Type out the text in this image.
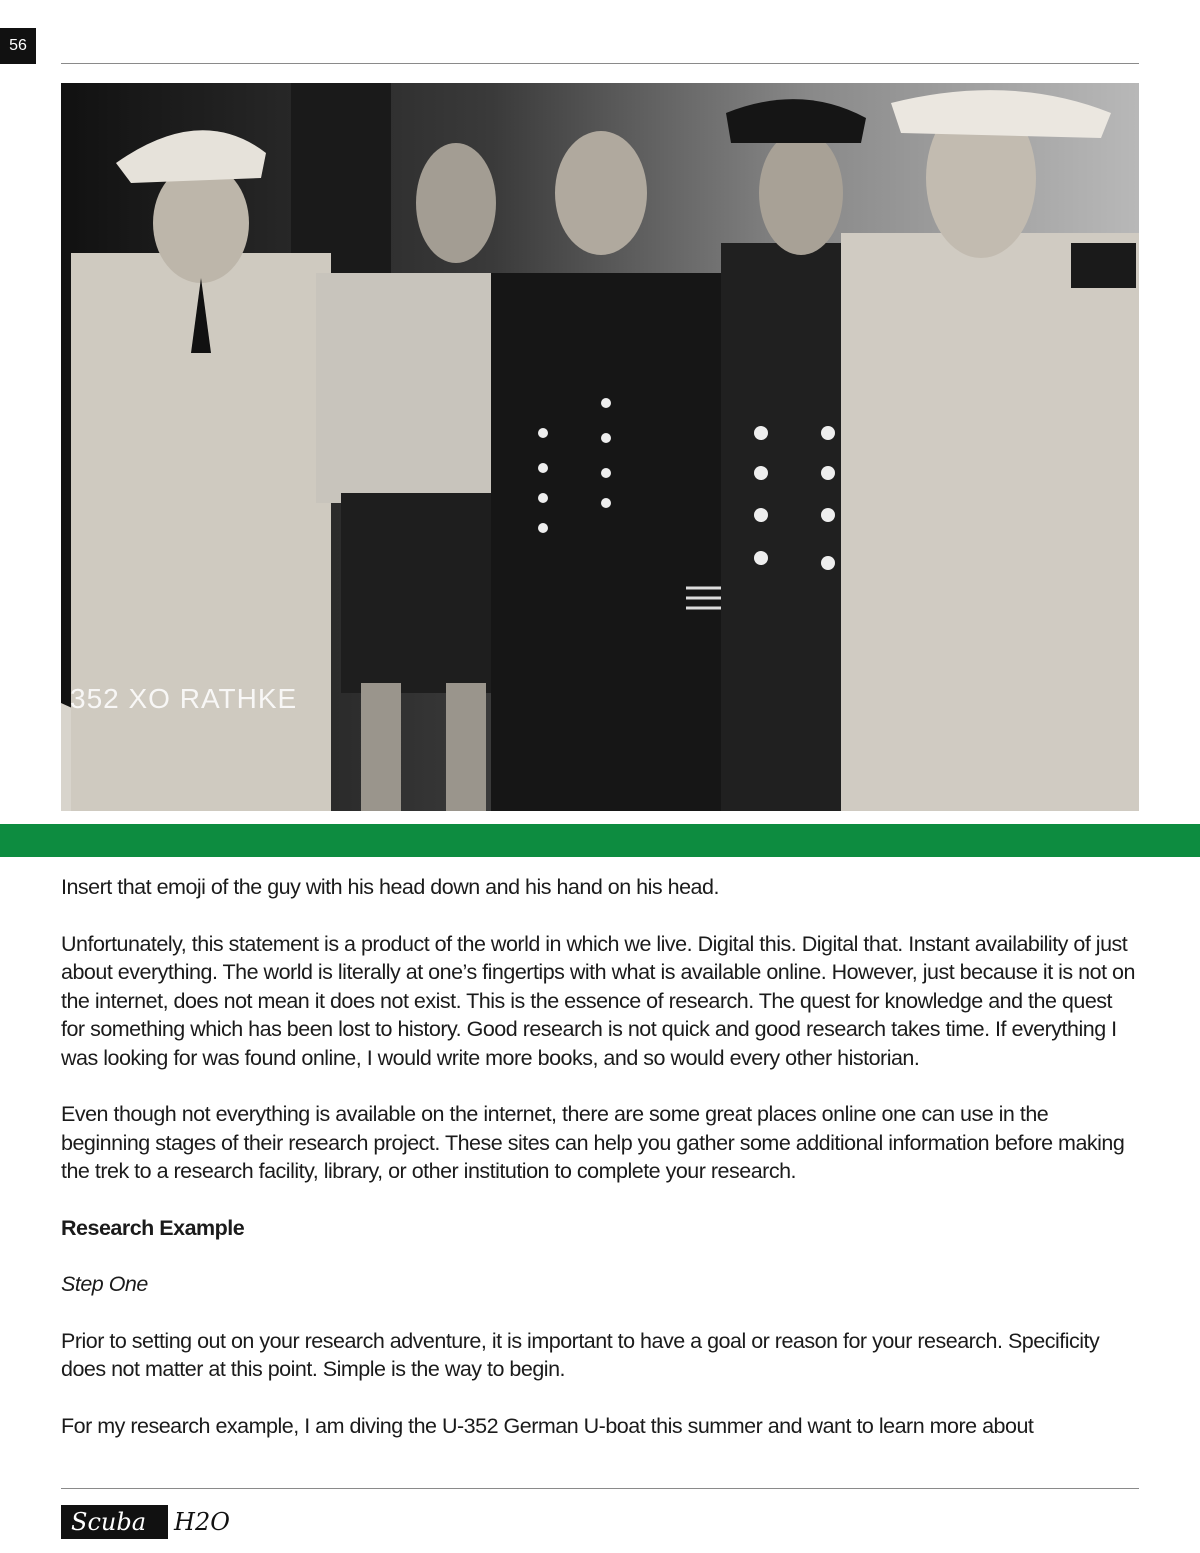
56
352 XO RATHKE

Insert that emoji of the guy with his head down and his hand on his head.

Unfortunately, this statement is a product of the world in which we live. Digital this. Digital that. Instant availability of just about everything. The world is literally at one’s fingertips with what is available online. However, just because it is not on the internet, does not mean it does not exist. This is the essence of research. The quest for knowledge and the quest for something which has been lost to history. Good research is not quick and good research takes time. If everything I was looking for was found online, I would write more books, and so would every other historian.

Even though not everything is available on the internet, there are some great places online one can use in the beginning stages of their research project. These sites can help you gather some additional information before making the trek to a research facility, library, or other institution to complete your research.

Research Example

Step One

Prior to setting out on your research adventure, it is important to have a goal or reason for your research. Specificity does not matter at this point. Simple is the way to begin.

For my research example, I am diving the U-352 German U-boat this summer and want to learn more about

Scuba	H2O
